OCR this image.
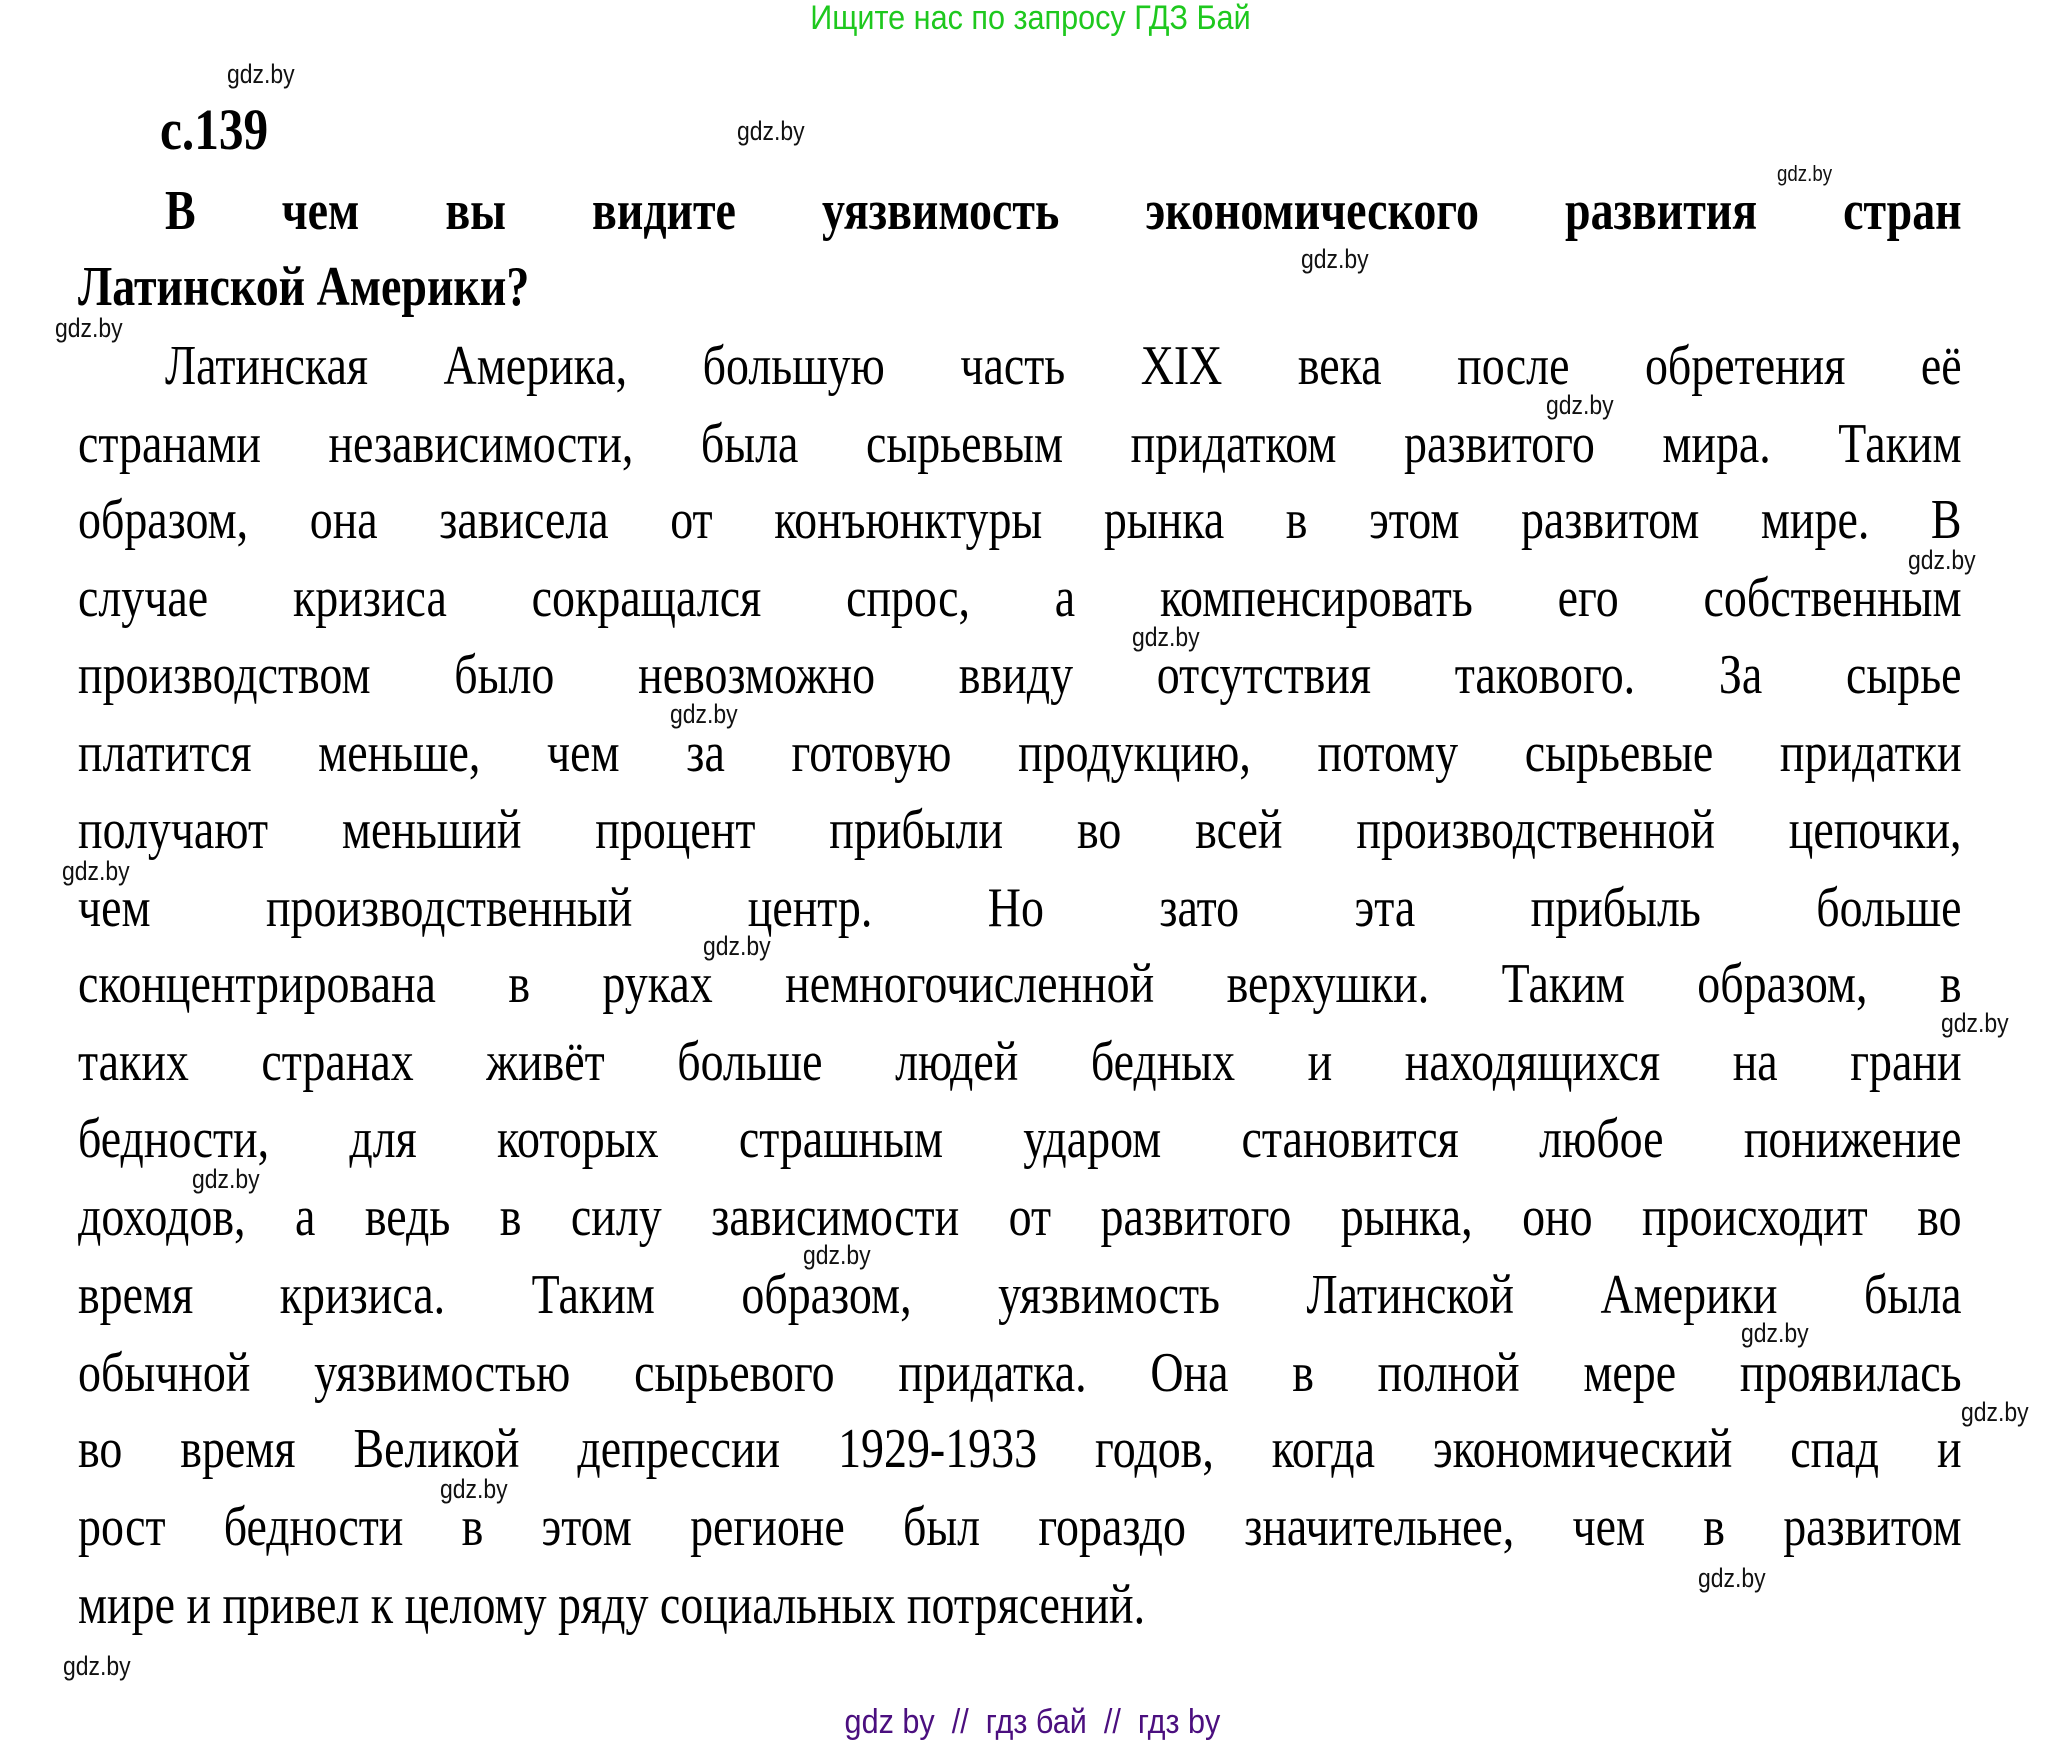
Ищите нас по запросу ГДЗ Бай
с.139
В чем вы видите уязвимость экономического развития стран
Латинской Америки?
Латинская Америка, большую часть XIX века после обретения её
странами независимости, была сырьевым придатком развитого мира. Таким
образом, она зависела от конъюнктуры рынка в этом развитом мире. В
случае кризиса сокращался спрос, а компенсировать его собственным
производством было невозможно ввиду отсутствия такового. За сырье
платится меньше, чем за готовую продукцию, потому сырьевые придатки
получают меньший процент прибыли во всей производственной цепочки,
чем производственный центр. Но зато эта прибыль больше
сконцентрирована в руках немногочисленной верхушки. Таким образом, в
таких странах живёт больше людей бедных и находящихся на грани
бедности, для которых страшным ударом становится любое понижение
доходов, а ведь в силу зависимости от развитого рынка, оно происходит во
время кризиса. Таким образом, уязвимость Латинской Америки была
обычной уязвимостью сырьевого придатка. Она в полной мере проявилась
во время Великой депрессии 1929-1933 годов, когда экономический спад и
рост бедности в этом регионе был гораздо значительнее, чем в развитом
мире и привел к целому ряду социальных потрясений.
gdz.by
gdz.by
gdz.by
gdz.by
gdz.by
gdz.by
gdz.by
gdz.by
gdz.by
gdz.by
gdz.by
gdz.by
gdz.by
gdz.by
gdz.by
gdz.by
gdz.by
gdz.by
gdz.by
gdz by  //  гдз бай  //  гдз by
